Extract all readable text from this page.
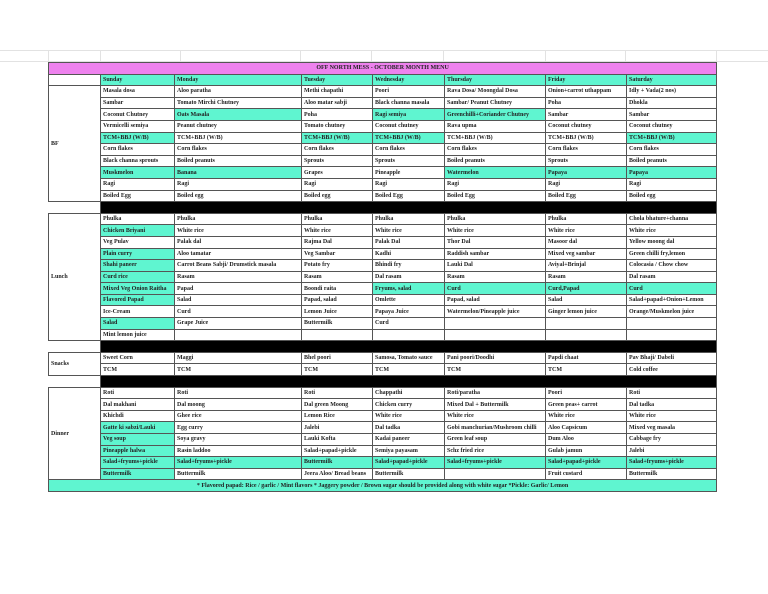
OFF NORTH MESS - OCTOBER MONTH MENU							
	Sunday	Monday	Tuesday	Wednesday	Thursday	Friday	Saturday
BF	Masala dosa	Aloo paratha	Methi chapathi	Poori	Rava Dosa/ Moongdal Dosa	Onion+carrot uthappam	Idly + Vada(2 nos)
	Sambar	Tomato Mirchi Chutney	Aloo matar sabji	Black channa masala	Sambar/ Peanut Chutney	Poha	Dhokla
	Coconut Chutney	Oats Masala	Poha	Ragi semiya	Greenchilli+Coriander Chutney	Sambar	Sambar
	Vermicelli semiya	Peanut chutney	Tomato chutney	Coconut chutney	Rava upma	Coconut chutney	Coconut chutney
	TCM+BBJ (W/B)	TCM+BBJ (W/B)	TCM+BBJ (W/B)	TCM+BBJ (W/B)	TCM+BBJ (W/B)	TCM+BBJ (W/B)	TCM+BBJ (W/B)
	Corn flakes	Corn flakes	Corn flakes	Corn flakes	Corn flakes	Corn flakes	Corn flakes
	Black channa sprouts	Boiled peanuts	Sprouts	Sprouts	Boiled peanuts	Sprouts	Boiled peanuts
	Muskmelon	Banana	Grapes	Pineapple	Watermelon	Papaya	Papaya
	Ragi	Ragi	Ragi	Ragi	Ragi	Ragi	Ragi
	Boiled Egg	Boiled egg	Boiled egg	Boiled Egg	Boiled Egg	Boiled Egg	Boiled egg

Lunch	Phulka	Phulka	Phulka	Phulka	Phulka	Phulka	Chola bhature+channa
	Chicken Briyani	White rice	White rice	White rice	White rice	White rice	White rice
	Veg Pulav	Palak dal	Rajma Dal	Palak Dal	Thor Dal	Masoor dal	Yellow moong dal
	Plain curry	Aloo tamatar	Veg Sambar	Kadhi	Raddish sambar	Mixed veg sambar	Green chilli fry,lemon
	Shahi paneer	Carrot Beans Sabji/ Drumstick masala	Potato fry	Bhindi fry	Lauki Dal	Aviyal+Brinjal	Colocasia / Chow chow
	Curd rice	Rasam	Rasam	Dal rasam	Rasam	Rasam	Dal rasam
	Mixed Veg Onion Raitha	Papad	Boondi raita	Fryums, salad	Curd	Curd,Papad	Curd
	Flavored Papad	Salad	Papad, salad	Omlette	Papad, salad	Salad	Salad+papad+Onion+Lemon
	Ice-Cream	Curd	Lemon Juice	Papaya Juice	Watermelon/Pineapple juice	Ginger lemon juice	Orange/Muskmelon juice
	Salad	Grape Juice	Buttermilk	Curd			
	Mint lemon juice						

Snacks	Sweet Corn	Maggi	Bhel poori	Samosa, Tomato sauce	Pani poori/Doodhi	Papdi chaat	Pav Bhaji/ Dabeli
	TCM	TCM	TCM	TCM	TCM	TCM	Cold coffee

Dinner	Roti	Roti	Roti	Chappathi	Roti/paratha	Poori	Roti
	Dal makhani	Dal moong	Dal green Moong	Chicken curry	Mixed Dal + Buttermilk	Green peas+ carrot	Dal tadka
	Khichdi	Ghee rice	Lemon Rice	White rice	White rice	White rice	White rice
	Gatte ki sabzi/Lauki	Egg curry	Jalebi	Dal tadka	Gobi manchurian/Mushroom chilli	Aloo Capsicum	Mixed veg masala
	Veg soup	Soya gravy	Lauki Kofta	Kadai paneer	Green leaf soup	Dum Aloo	Cabbage fry
	Pineapple halwa	Rasin laddoo	Salad+papad+pickle	Semiya payasam	Schz fried rice	Gulab jamun	Jalebi
	Salad+fryums+pickle	Salad+fryums+pickle	Buttermilk	Salad+papad+pickle	Salad+fryums+pickle	Salad+papad+pickle	Salad+fryums+pickle
	Buttermilk	Buttermilk	Jeera Aloo/ Bread beans	Buttermilk		Fruit custard	Buttermilk
* Flavored papad: Rice / garlic / Mint flavors * Jaggery powder / Brown sugar should be provided along with white sugar *Pickle: Garlic/ Lemon							
